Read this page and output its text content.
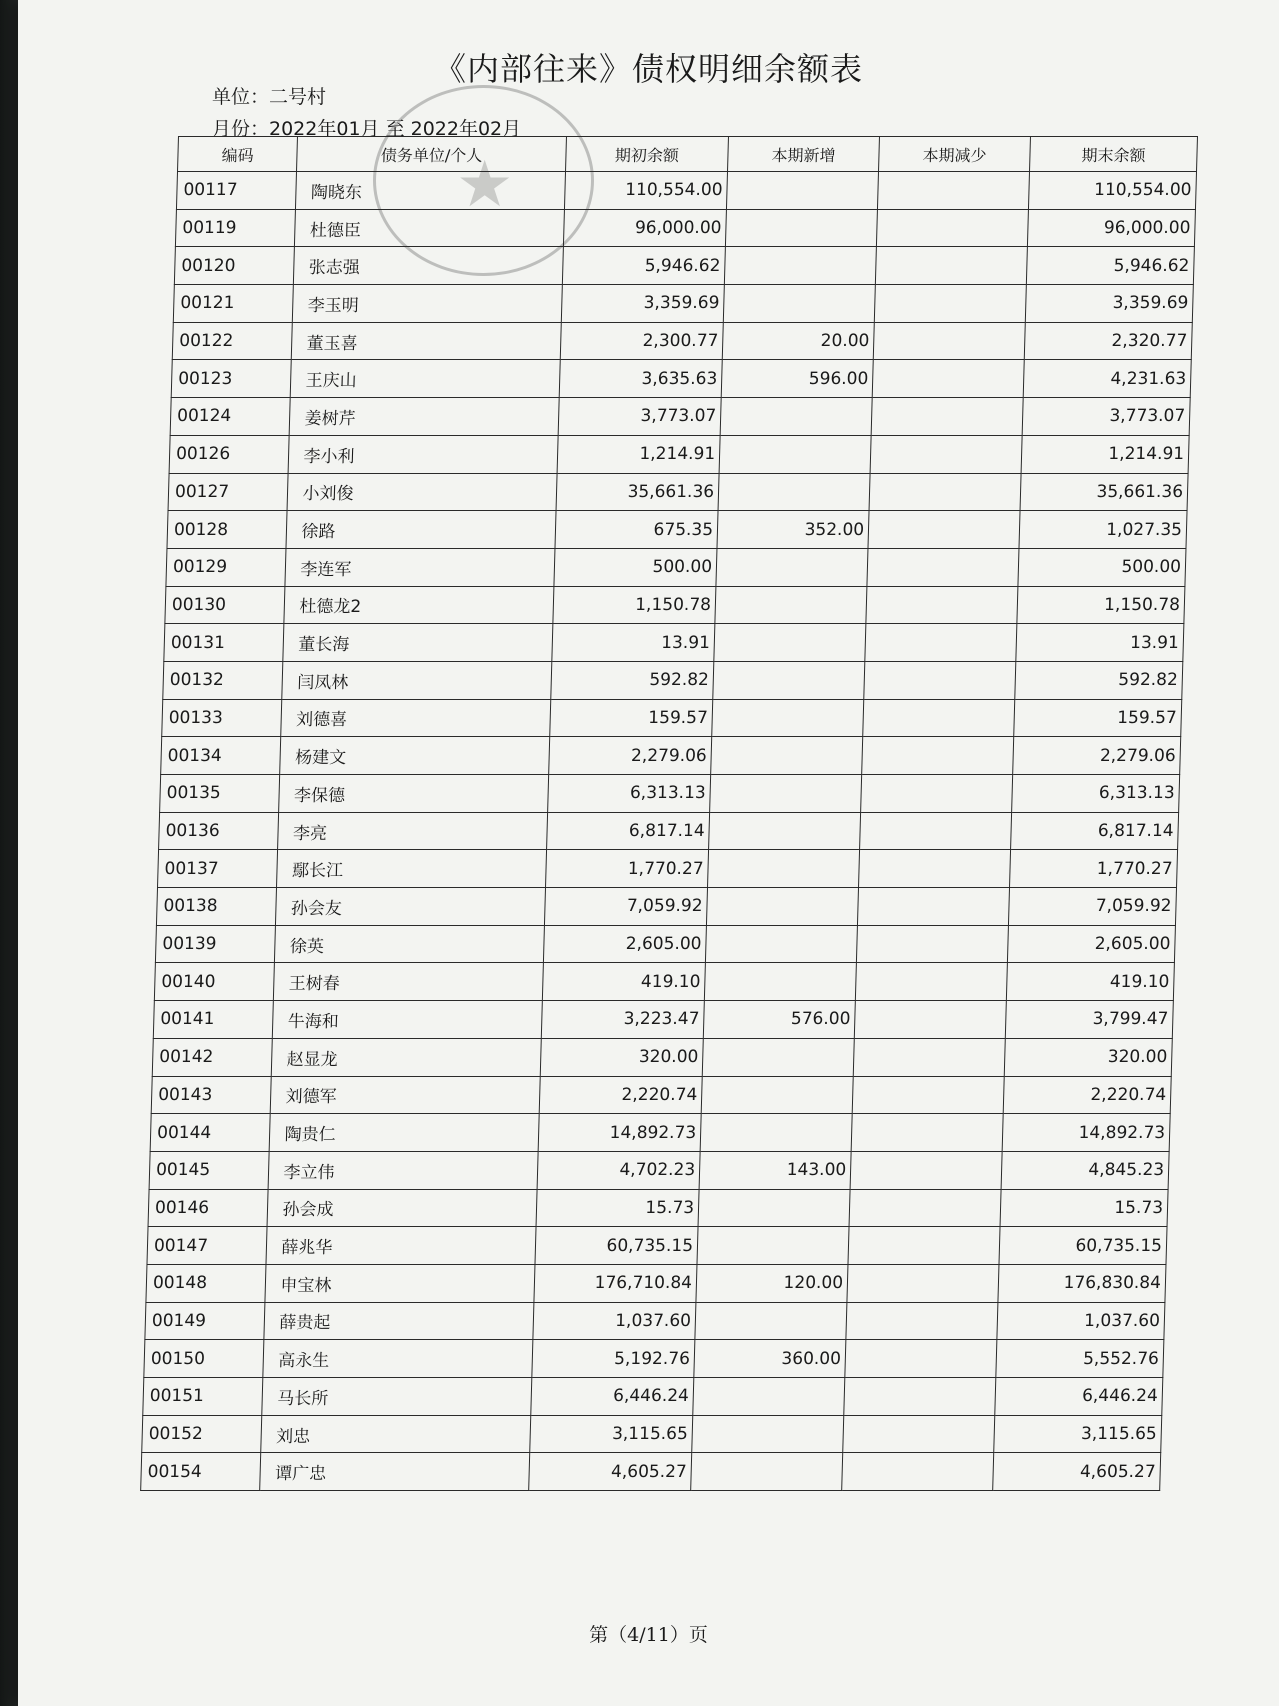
《内部往来》债权明细余额表
单位：二号村
月份：2022年01月 至 2022年02月
★
编码	债务单位/个人	期初余额	本期新增	本期减少	期末余额
00117	陶晓东	110,554.00			110,554.00
00119	杜德臣	96,000.00			96,000.00
00120	张志强	5,946.62			5,946.62
00121	李玉明	3,359.69			3,359.69
00122	董玉喜	2,300.77	20.00		2,320.77
00123	王庆山	3,635.63	596.00		4,231.63
00124	姜树芹	3,773.07			3,773.07
00126	李小利	1,214.91			1,214.91
00127	小刘俊	35,661.36			35,661.36
00128	徐路	675.35	352.00		1,027.35
00129	李连军	500.00			500.00
00130	杜德龙2	1,150.78			1,150.78
00131	董长海	13.91			13.91
00132	闫凤林	592.82			592.82
00133	刘德喜	159.57			159.57
00134	杨建文	2,279.06			2,279.06
00135	李保德	6,313.13			6,313.13
00136	李亮	6,817.14			6,817.14
00137	鄢长江	1,770.27			1,770.27
00138	孙会友	7,059.92			7,059.92
00139	徐英	2,605.00			2,605.00
00140	王树春	419.10			419.10
00141	牛海和	3,223.47	576.00		3,799.47
00142	赵显龙	320.00			320.00
00143	刘德军	2,220.74			2,220.74
00144	陶贵仁	14,892.73			14,892.73
00145	李立伟	4,702.23	143.00		4,845.23
00146	孙会成	15.73			15.73
00147	薛兆华	60,735.15			60,735.15
00148	申宝林	176,710.84	120.00		176,830.84
00149	薛贵起	1,037.60			1,037.60
00150	高永生	5,192.76	360.00		5,552.76
00151	马长所	6,446.24			6,446.24
00152	刘忠	3,115.65			3,115.65
00154	谭广忠	4,605.27			4,605.27
第（4/11）页
